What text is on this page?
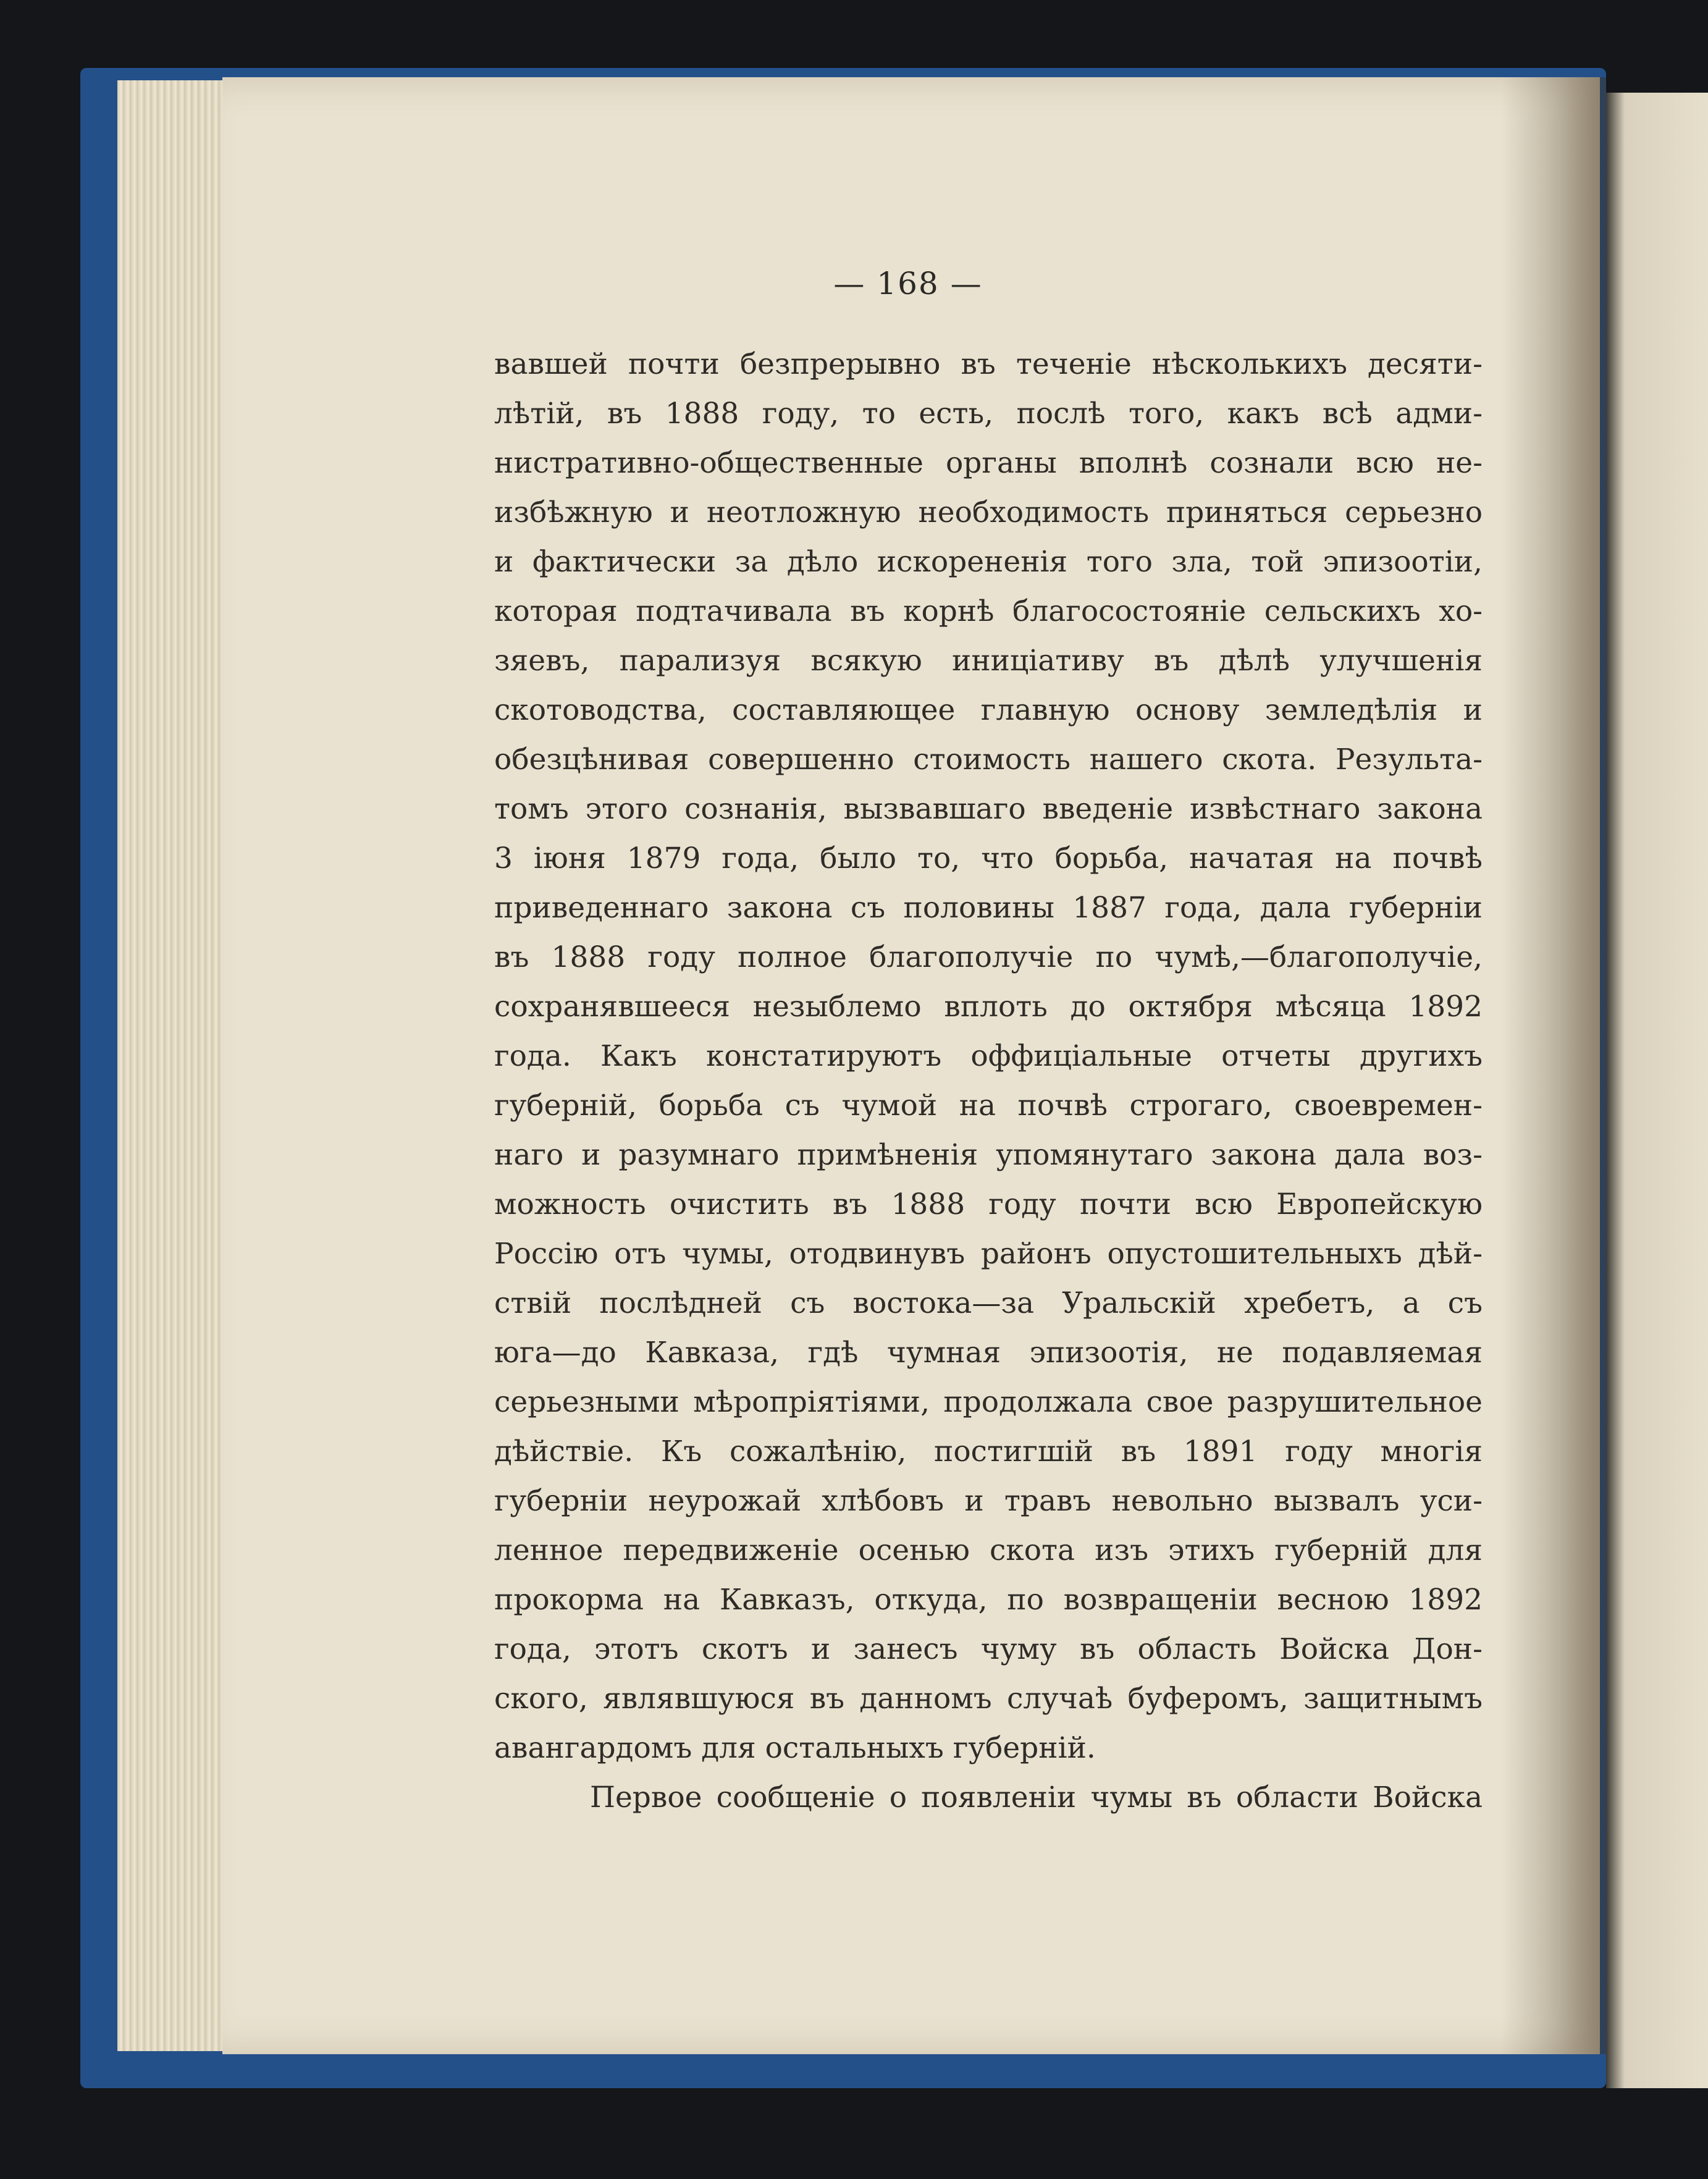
— 168 —
вавшей почти безпрерывно въ теченіе нѣсколькихъ десяти-
лѣтій, въ 1888 году, то есть, послѣ того, какъ всѣ адми-
нистративно-общественные органы вполнѣ сознали всю не-
избѣжную и неотложную необходимость приняться серьезно
и фактически за дѣло искорененія того зла, той эпизоотіи,
которая подтачивала въ корнѣ благосостояніе сельскихъ хо-
зяевъ, парализуя всякую иниціативу въ дѣлѣ улучшенія
скотоводства, составляющее главную основу земледѣлія и
обезцѣнивая совершенно стоимость нашего скота. Результа-
томъ этого сознанія, вызвавшаго введеніе извѣстнаго закона
3 іюня 1879 года, было то, что борьба, начатая на почвѣ
приведеннаго закона съ половины 1887 года, дала губерніи
въ 1888 году полное благополучіе по чумѣ,—благополучіе,
сохранявшееся незыблемо вплоть до октября мѣсяца 1892
года. Какъ констатируютъ оффиціальные отчеты другихъ
губерній, борьба съ чумой на почвѣ строгаго, своевремен-
наго и разумнаго примѣненія упомянутаго закона дала воз-
можность очистить въ 1888 году почти всю Европейскую
Россію отъ чумы, отодвинувъ районъ опустошительныхъ дѣй-
ствій послѣдней съ востока—за Уральскій хребетъ, а съ
юга—до Кавказа, гдѣ чумная эпизоотія, не подавляемая
серьезными мѣропріятіями, продолжала свое разрушительное
дѣйствіе. Къ сожалѣнію, постигшій въ 1891 году многія
губерніи неурожай хлѣбовъ и травъ невольно вызвалъ уси-
ленное передвиженіе осенью скота изъ этихъ губерній для
прокорма на Кавказъ, откуда, по возвращеніи весною 1892
года, этотъ скотъ и занесъ чуму въ область Войска Дон-
ского, являвшуюся въ данномъ случаѣ буферомъ, защитнымъ
авангардомъ для остальныхъ губерній.
Первое сообщеніе о появленіи чумы въ области Войска
